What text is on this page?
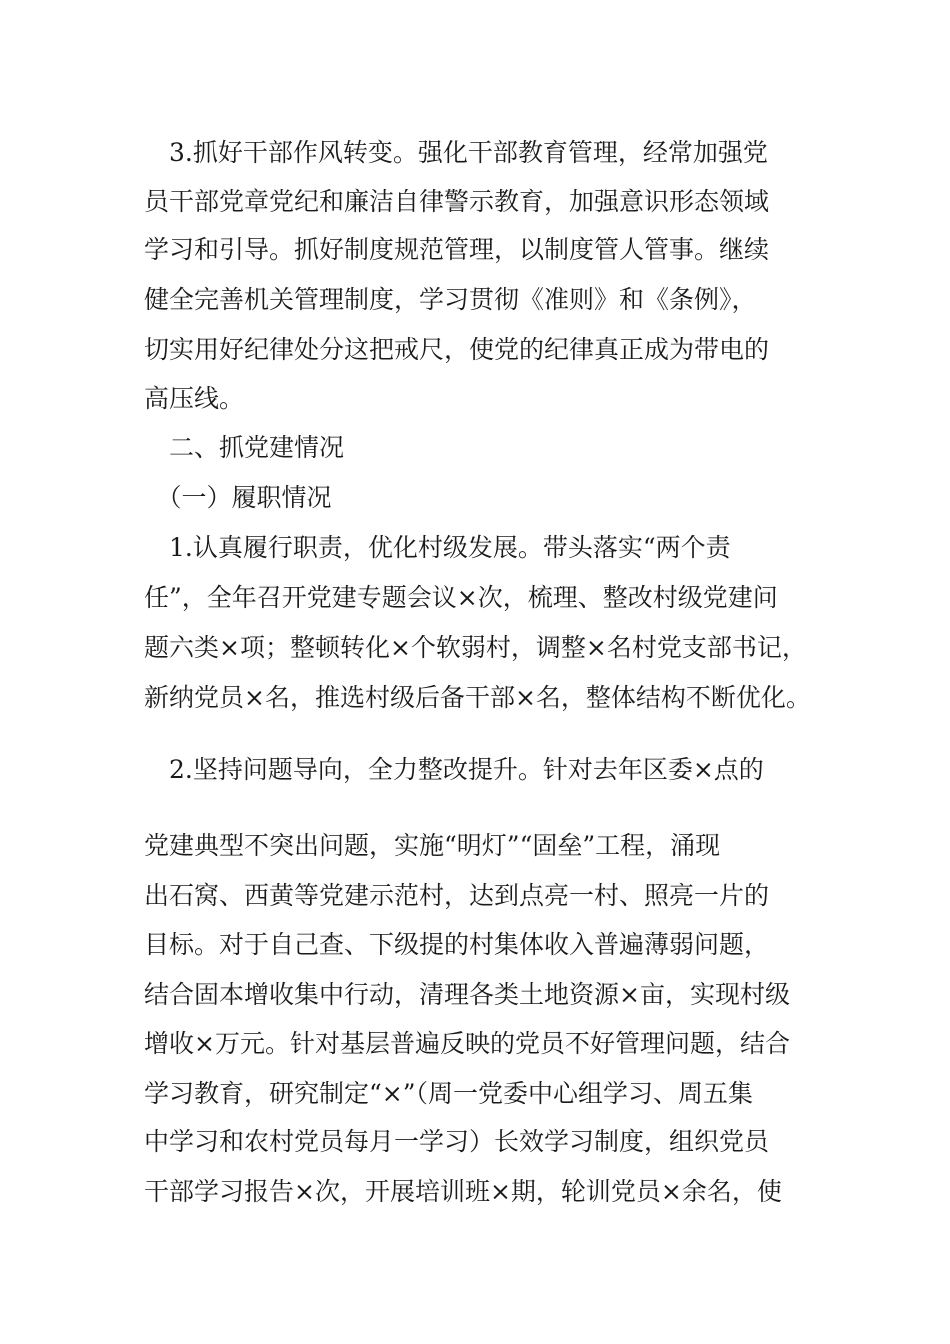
　3.抓好干部作风转变。强化干部教育管理，经常加强党
员干部党章党纪和廉洁自律警示教育，加强意识形态领域
学习和引导。抓好制度规范管理，以制度管人管事。继续
健全完善机关管理制度，学习贯彻《准则》和《条例》，
切实用好纪律处分这把戒尺，使党的纪律真正成为带电的
高压线。
　二、抓党建情况
　（一）履职情况
　1.认真履行职责，优化村级发展。带头落实“两个责
任”，全年召开党建专题会议×次，梳理、整改村级党建问
题六类×项；整顿转化×个软弱村，调整×名村党支部书记，
新纳党员×名，推选村级后备干部×名，整体结构不断优化。
　2.坚持问题导向，全力整改提升。针对去年区委×点的
党建典型不突出问题，实施“明灯”“固垒”工程，涌现
出石窝、西黄等党建示范村，达到点亮一村、照亮一片的
目标。对于自己查、下级提的村集体收入普遍薄弱问题，
结合固本增收集中行动，清理各类土地资源×亩，实现村级
增收×万元。针对基层普遍反映的党员不好管理问题，结合
学习教育，研究制定“×”（周一党委中心组学习、周五集
中学习和农村党员每月一学习）长效学习制度，组织党员
干部学习报告×次，开展培训班×期，轮训党员×余名，使
